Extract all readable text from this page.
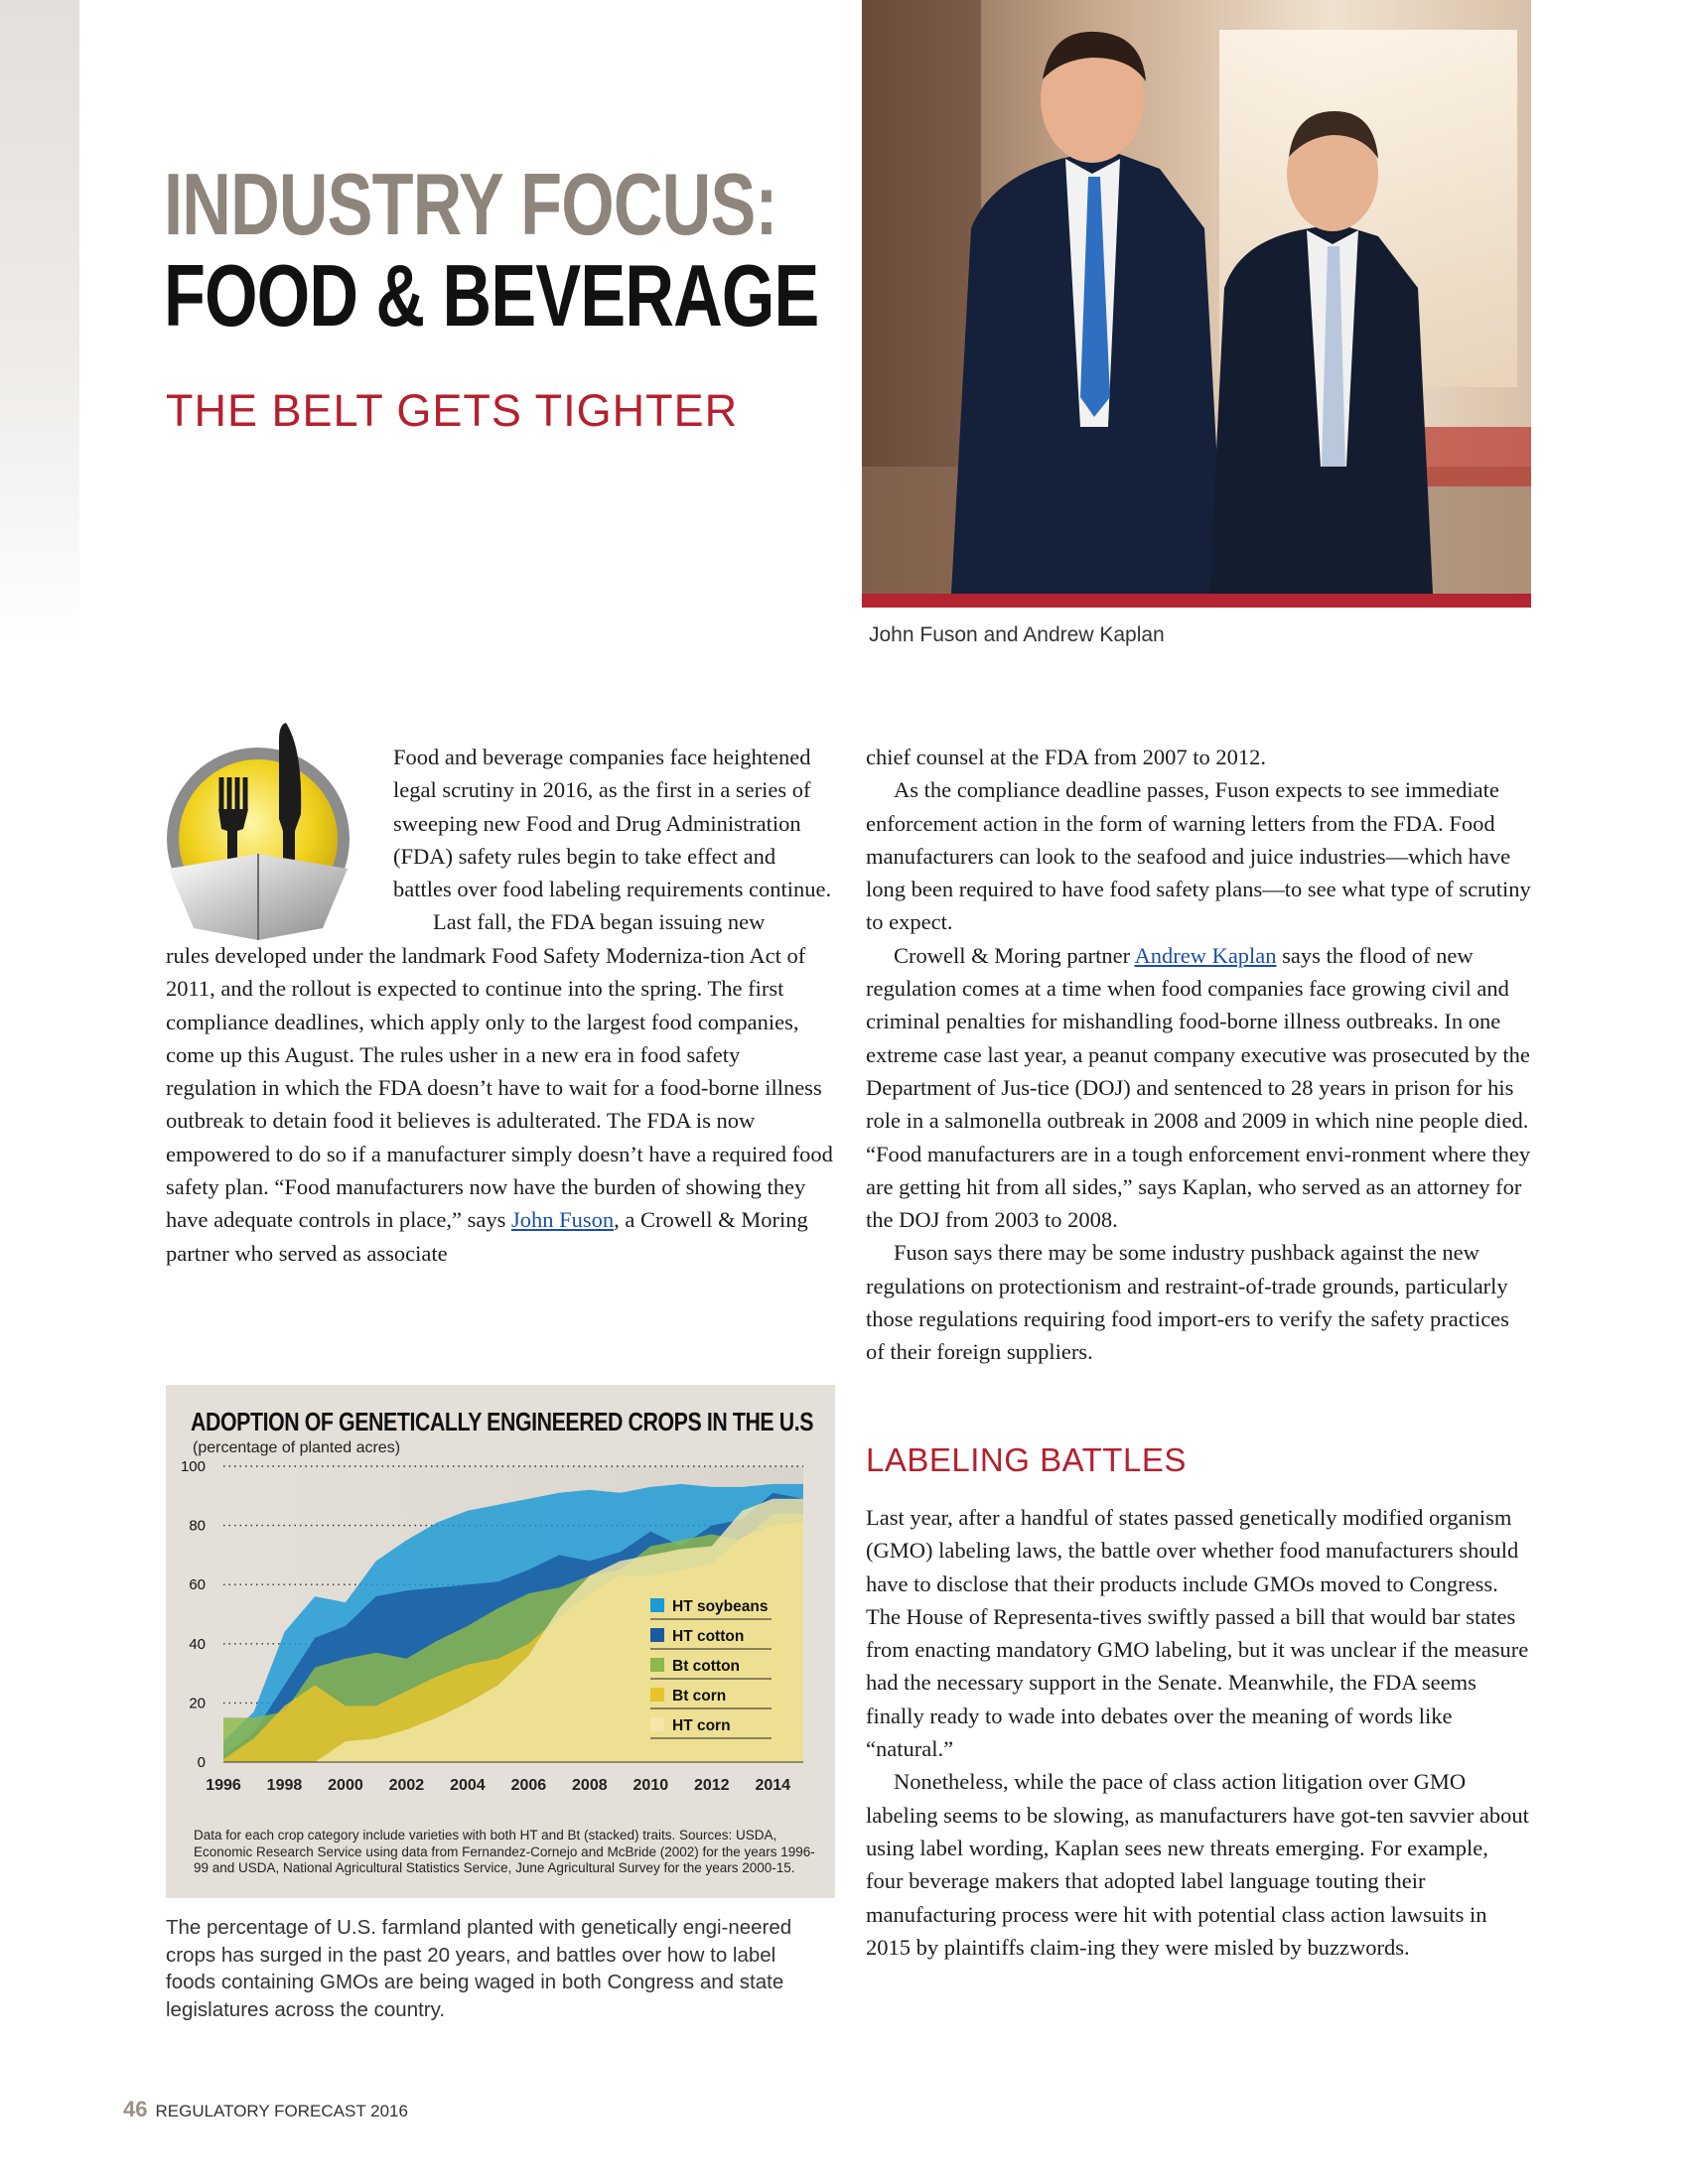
INDUSTRY FOCUS:
FOOD & BEVERAGE
THE BELT GETS TIGHTER
John Fuson and Andrew Kaplan

Food and beverage companies face heightened legal scrutiny in 2016, as the first in a series of sweeping new Food and Drug Administration (FDA) safety rules begin to take effect and battles over food labeling requirements continue.

Last fall, the FDA began issuing new

rules developed under the landmark Food Safety Moderniza-tion Act of 2011, and the rollout is expected to continue into the spring. The first compliance deadlines, which apply only to the largest food companies, come up this August. The rules usher in a new era in food safety regulation in which the FDA doesn’t have to wait for a food-borne illness outbreak to detain food it believes is adulterated. The FDA is now empowered to do so if a manufacturer simply doesn’t have a required food safety plan. “Food manufacturers now have the burden of showing they have adequate controls in place,” says John Fuson, a Crowell & Moring partner who served as associate

ADOPTION OF GENETICALLY ENGINEERED CROPS IN THE U.S
(percentage of planted acres)
0
20
40
60
80
100
1996 1998 2000 2002 2004 2006 2008 2010 2012 2014
HT soybeans
HT cotton
Bt cotton
Bt corn
HT corn
Data for each crop category include varieties with both HT and Bt (stacked) traits. Sources: USDA, Economic Research Service using data from Fernandez-Cornejo and McBride (2002) for the years 1996-99 and USDA, National Agricultural Statistics Service, June Agricultural Survey for the years 2000-15.
The percentage of U.S. farmland planted with genetically engi-neered crops has surged in the past 20 years, and battles over how to label foods containing GMOs are being waged in both Congress and state legislatures across the country.

chief counsel at the FDA from 2007 to 2012.

As the compliance deadline passes, Fuson expects to see immediate enforcement action in the form of warning letters from the FDA. Food manufacturers can look to the seafood and juice industries—which have long been required to have food safety plans—to see what type of scrutiny to expect.

Crowell & Moring partner Andrew Kaplan says the flood of new regulation comes at a time when food companies face growing civil and criminal penalties for mishandling food-borne illness outbreaks. In one extreme case last year, a peanut company executive was prosecuted by the Department of Jus-tice (DOJ) and sentenced to 28 years in prison for his role in a salmonella outbreak in 2008 and 2009 in which nine people died. “Food manufacturers are in a tough enforcement envi-ronment where they are getting hit from all sides,” says Kaplan, who served as an attorney for the DOJ from 2003 to 2008.

Fuson says there may be some industry pushback against the new regulations on protectionism and restraint-of-trade grounds, particularly those regulations requiring food import-ers to verify the safety practices of their foreign suppliers.

LABELING BATTLES

Last year, after a handful of states passed genetically modified organism (GMO) labeling laws, the battle over whether food manufacturers should have to disclose that their products include GMOs moved to Congress. The House of Representa-tives swiftly passed a bill that would bar states from enacting mandatory GMO labeling, but it was unclear if the measure had the necessary support in the Senate. Meanwhile, the FDA seems finally ready to wade into debates over the meaning of words like “natural.”

Nonetheless, while the pace of class action litigation over GMO labeling seems to be slowing, as manufacturers have got-ten savvier about using label wording, Kaplan sees new threats emerging. For example, four beverage makers that adopted label language touting their manufacturing process were hit with potential class action lawsuits in 2015 by plaintiffs claim-ing they were misled by buzzwords.

46 REGULATORY FORECAST 2016
